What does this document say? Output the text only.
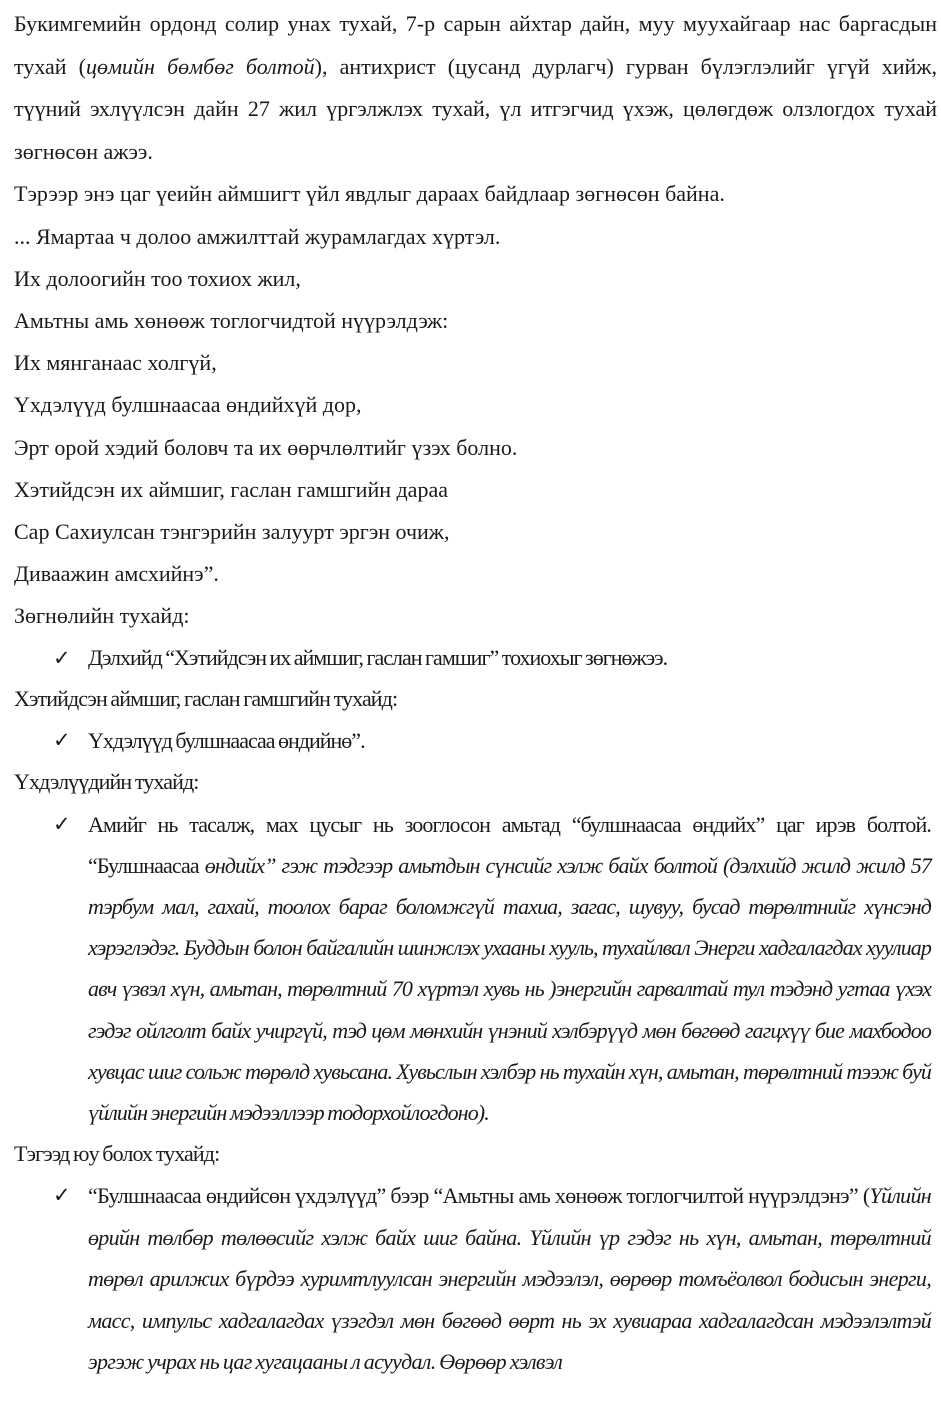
Букимгемийн ордонд солир унах тухай, 7-р сарын айхтар дайн, муу муухайгаар нас баргасдын тухай (цөмийн бөмбөг болтой), антихрист (цусанд дурлагч) гурван бүлэглэлийг үгүй хийж, түүний эхлүүлсэн дайн 27 жил үргэлжлэх тухай, үл итгэгчид үхэж, цөлөгдөж олзлогдох тухай зөгнөсөн ажээ.

Тэрээр энэ цаг үеийн аймшигт үйл явдлыг дараах байдлаар зөгнөсөн байна.

... Ямартаа ч долоо амжилттай журамлагдах хүртэл.

Их долоогийн тоо тохиох жил,

Амьтны амь хөнөөж тоглогчидтой нүүрэлдэж:

Их мянганаас холгүй,

Үхдэлүүд булшнаасаа өндийхүй дор,

Эрт орой хэдий боловч та их өөрчлөлтийг үзэх болно.

Хэтийдсэн их аймшиг, гаслан гамшгийн дараа

Сар Сахиулсан тэнгэрийн залуурт эргэн очиж,

Диваажин амсхийнэ”.

Зөгнөлийн тухайд:

✓ Дэлхийд “Хэтийдсэн их аймшиг, гаслан гамшиг” тохиохыг зөгнөжээ.

Хэтийдсэн аймшиг, гаслан гамшгийн тухайд:

✓ Үхдэлүүд булшнаасаа өндийнө”.

Үхдэлүүдийн тухайд:

✓ Амийг нь тасалж, мах цусыг нь зооглосон амьтад “булшнаасаа өндийх” цаг ирэв болтой. “Булшнаасаа өндийх” гэж тэдгээр амьтдын сүнсийг хэлж байх болтой (дэлхийд жилд жилд 57 тэрбум мал, гахай, тоолох бараг боломжгүй тахиа, загас, шувуу, бусад төрөлтнийг хүнсэнд хэрэглэдэг. Буддын болон байгалийн шинжлэх ухааны хууль, тухайлвал Энерги хадгалагдах хуулиар авч үзвэл хүн, амьтан, төрөлтний 70 хүртэл хувь нь )энергийн гарвалтай тул тэдэнд угтаа үхэх гэдэг ойлголт байх учиргүй, тэд цөм мөнхийн үнэний хэлбэрүүд мөн бөгөөд гагцхүү бие махбодоо хувцас шиг сольж төрөлд хувьсана. Хувьслын хэлбэр нь тухайн хүн, амьтан, төрөлтний тээж буй үйлийн энергийн мэдээллээр тодорхойлогдоно).

Тэгээд юу болох тухайд:

✓ “Булшнаасаа өндийсөн үхдэлүүд” бээр “Амьтны амь хөнөөж тоглогчилтой нүүрэлдэнэ” (Үйлийн өрийн төлбөр төлөөсийг хэлж байх шиг байна. Үйлийн үр гэдэг нь хүн, амьтан, төрөлтний төрөл арилжих бүрдээ хуримтлуулсан энергийн мэдээлэл, өөрөөр томъёолвол бодисын энерги, масс, импульс хадгалагдах үзэгдэл мөн бөгөөд өөрт нь эх хувиараа хадгалагдсан мэдээлэлтэй эргэж учрах нь цаг хугацааны л асуудал. Өөрөөр хэлвэл
